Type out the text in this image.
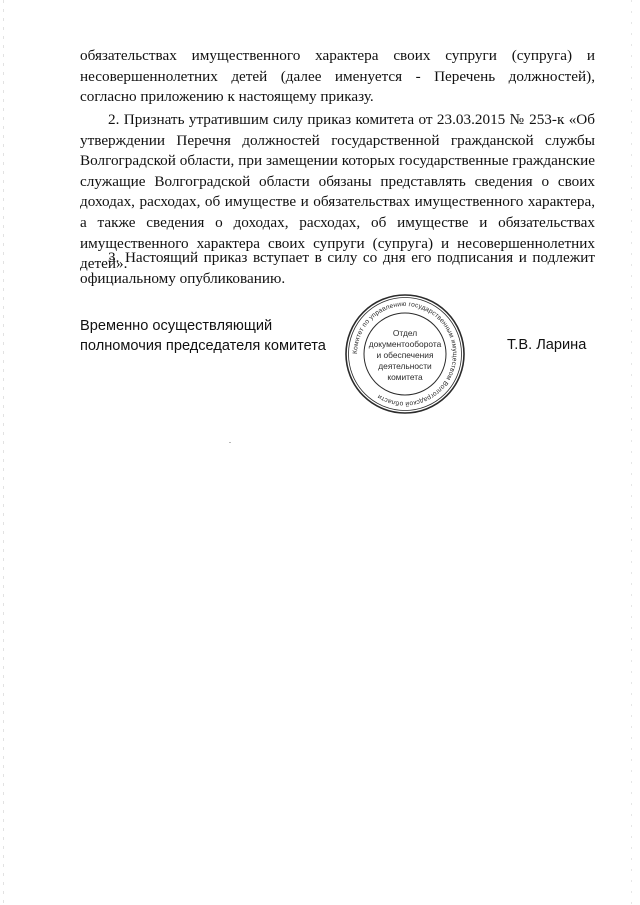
обязательствах имущественного характера своих супруги (супруга) и несовершеннолетних детей (далее именуется - Перечень должностей), согласно приложению к настоящему приказу.

2. Признать утратившим силу приказ комитета от 23.03.2015 № 253-к «Об утверждении Перечня должностей государственной гражданской службы Волгоградской области, при замещении которых государственные гражданские служащие Волгоградской области обязаны представлять сведения о своих доходах, расходах, об имуществе и обязательствах имущественного характера, а также сведения о доходах, расходах, об имуществе и обязательствах имущественного характера своих супруги (супруга) и несовершеннолетних детей».

3. Настоящий приказ вступает в силу со дня его подписания и подлежит официальному опубликованию.

Временно осуществляющий
полномочия председателя комитета	Т.В. Ларина
Комитет по управлению государственным имуществом Волгоградской области
Отдел
документооборота
и обеспечения
деятельности
комитета
